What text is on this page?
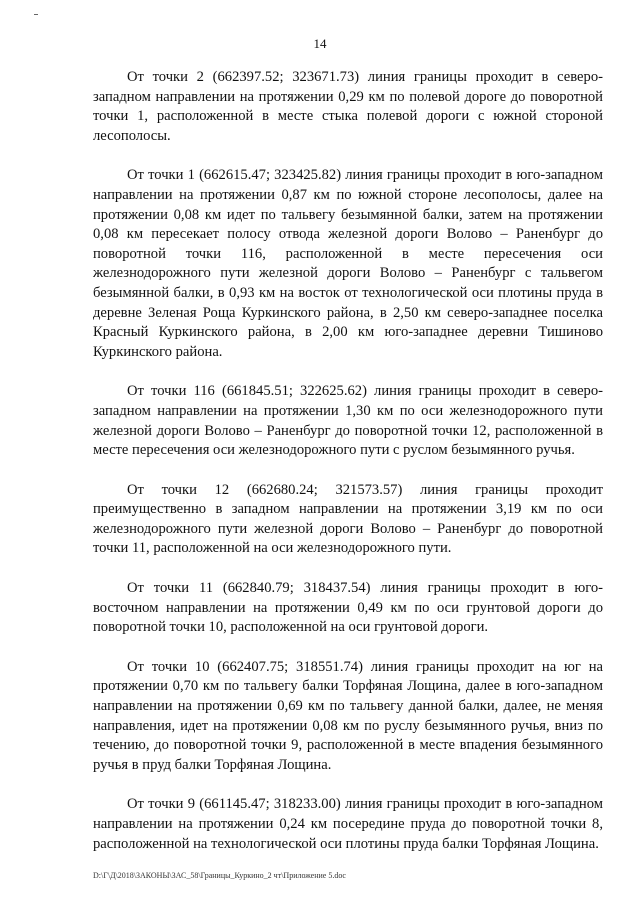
14

От точки 2 (662397.52; 323671.73) линия границы проходит в северо-западном направлении на протяжении 0,29 км по полевой дороге до поворотной точки 1, расположенной в месте стыка полевой дороги с южной стороной лесополосы.

От точки 1 (662615.47; 323425.82) линия границы проходит в юго-западном направлении на протяжении 0,87 км по южной стороне лесополосы, далее на протяжении 0,08 км идет по тальвегу безымянной балки, затем на протяжении 0,08 км пересекает полосу отвода железной дороги Волово – Раненбург до поворотной точки 116, расположенной в месте пересечения оси железнодорожного пути железной дороги Волово – Раненбург с тальвегом безымянной балки, в 0,93 км на восток от технологической оси плотины пруда в деревне Зеленая Роща Куркинского района, в 2,50 км северо-западнее поселка Красный Куркинского района, в 2,00 км юго-западнее деревни Тишиново Куркинского района.

От точки 116 (661845.51; 322625.62) линия границы проходит в северо-западном направлении на протяжении 1,30 км по оси железнодорожного пути железной дороги Волово – Раненбург до поворотной точки 12, расположенной в месте пересечения оси железнодорожного пути с руслом безымянного ручья.

От точки 12 (662680.24; 321573.57) линия границы проходит преимущественно в западном направлении на протяжении 3,19 км по оси железнодорожного пути железной дороги Волово – Раненбург до поворотной точки 11, расположенной на оси железнодорожного пути.

От точки 11 (662840.79; 318437.54) линия границы проходит в юго-восточном направлении на протяжении 0,49 км по оси грунтовой дороги до поворотной точки 10, расположенной на оси грунтовой дороги.

От точки 10 (662407.75; 318551.74) линия границы проходит на юг на протяжении 0,70 км по тальвегу балки Торфяная Лощина, далее в юго-западном направлении на протяжении 0,69 км по тальвегу данной балки, далее, не меняя направления, идет на протяжении 0,08 км по руслу безымянного ручья, вниз по течению, до поворотной точки 9, расположенной в месте впадения безымянного ручья в пруд балки Торфяная Лощина.

От точки 9 (661145.47; 318233.00) линия границы проходит в юго-западном направлении на протяжении 0,24 км посередине пруда до поворотной точки 8, расположенной на технологической оси плотины пруда балки Торфяная Лощина.

D:\Г\Д\2018\ЗАКОНЫ\ЗАС_58\Границы_Куркино_2 чт\Приложение 5.doc
